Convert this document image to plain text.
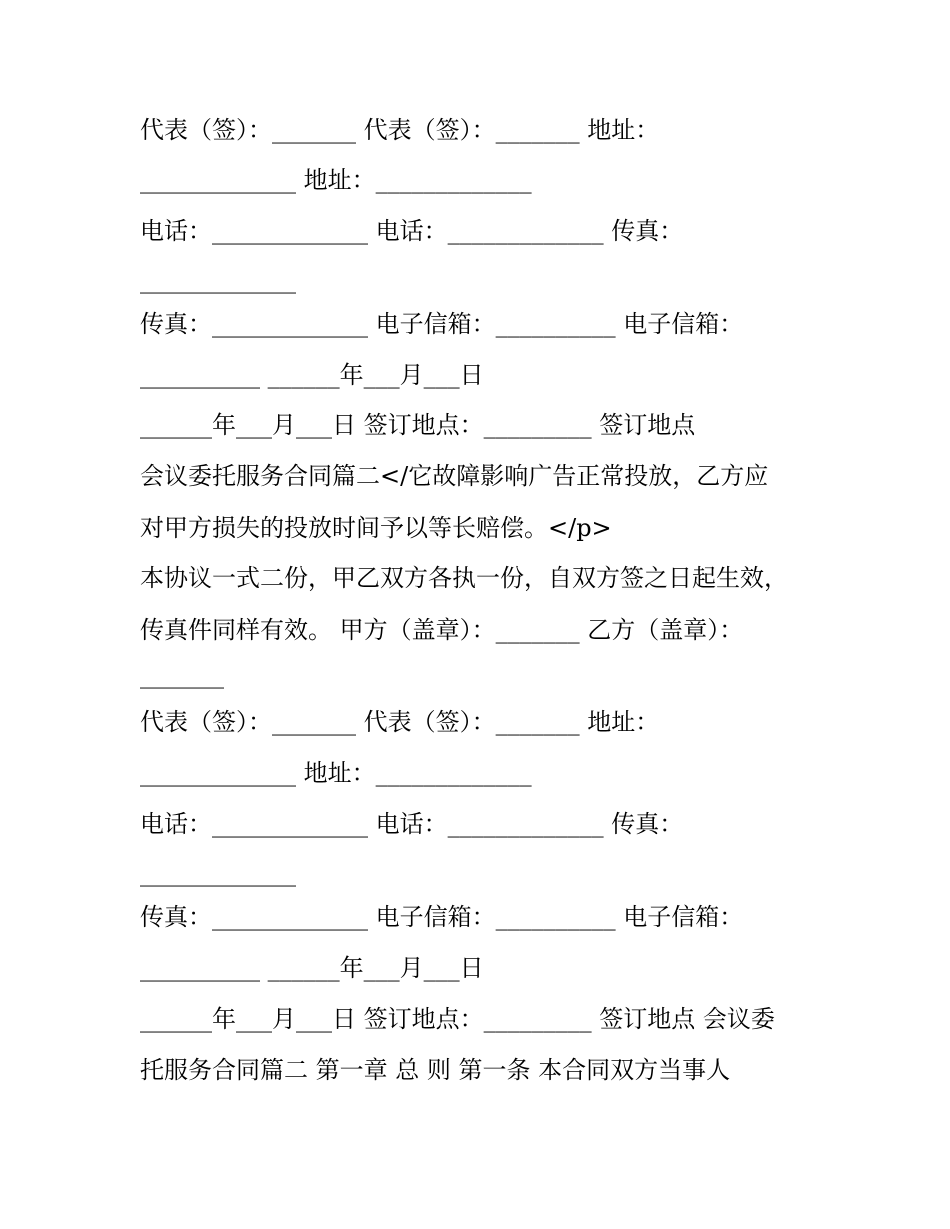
代表（签）：_______ 代表（签）：_______ 地址：
_____________ 地址：_____________
电话：_____________ 电话：_____________ 传真：
_____________
传真：_____________ 电子信箱：__________ 电子信箱：
__________ ______年___月___日
______年___月___日 签订地点：_________ 签订地点
会议委托服务合同篇二</它故障影响广告正常投放，乙方应
对甲方损失的投放时间予以等长赔偿。</p>
本协议一式二份，甲乙双方各执一份，自双方签之日起生效，
传真件同样有效。 甲方（盖章）：_______ 乙方（盖章）：
_______
代表（签）：_______ 代表（签）：_______ 地址：
_____________ 地址：_____________
电话：_____________ 电话：_____________ 传真：
_____________
传真：_____________ 电子信箱：__________ 电子信箱：
__________ ______年___月___日
______年___月___日 签订地点：_________ 签订地点 会议委
托服务合同篇二 第一章 总 则 第一条 本合同双方当事人
